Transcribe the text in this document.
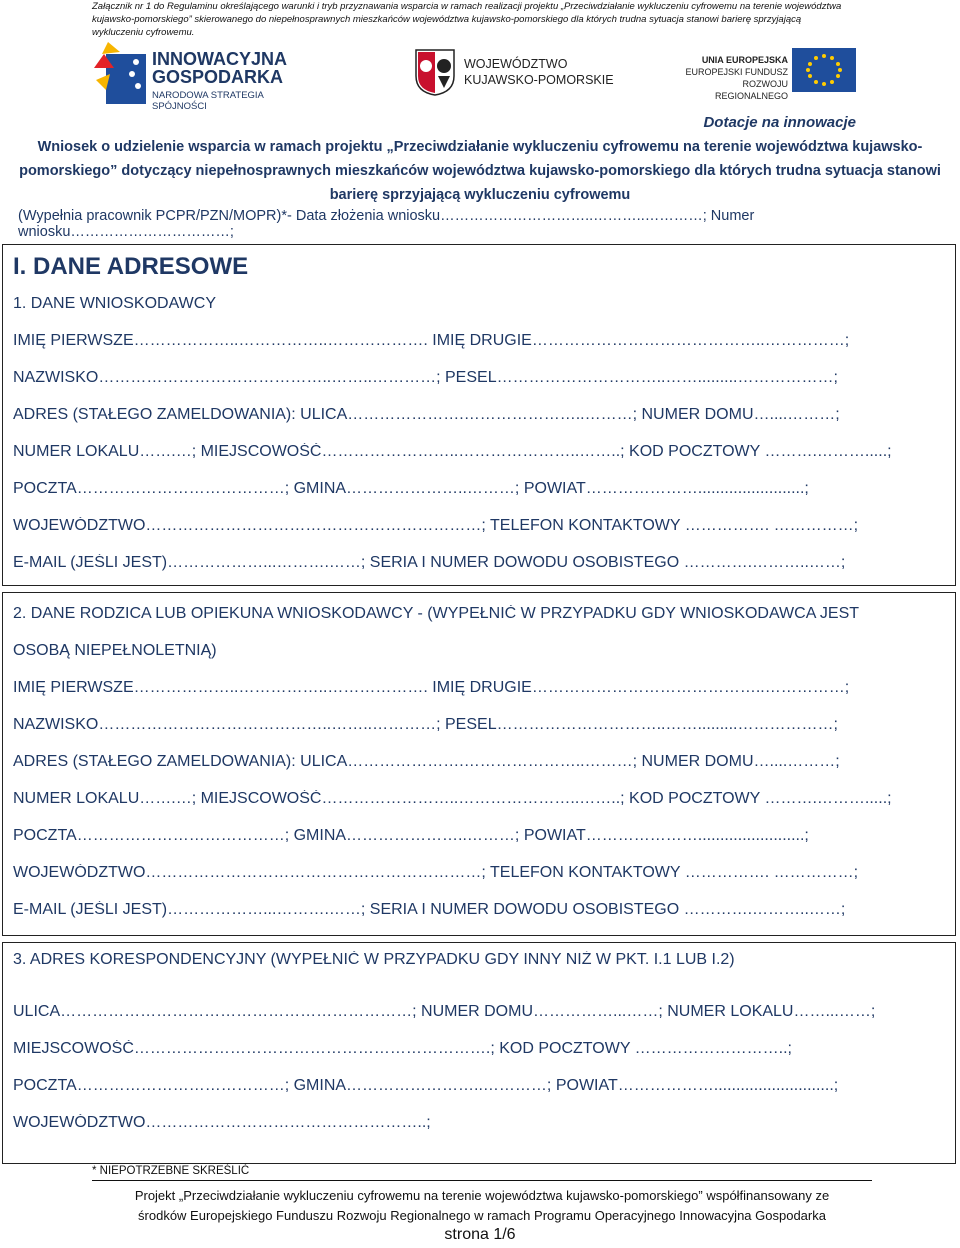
Załącznik nr 1 do Regulaminu określającego warunki i tryb przyznawania wsparcia w ramach realizacji projektu „Przeciwdziałanie wykluczeniu cyfrowemu na terenie województwa kujawsko-pomorskiego” skierowanego do niepełnosprawnych mieszkańców województwa kujawsko-pomorskiego dla których trudna sytuacja stanowi barierę sprzyjającą wykluczeniu cyfrowemu.
INNOWACYJNA
GOSPODARKA
NARODOWA STRATEGIA SPÓJNOŚCI
WOJEWÓDZTWO
KUJAWSKO-POMORSKIE
UNIA EUROPEJSKA
EUROPEJSKI FUNDUSZ
ROZWOJU REGIONALNEGO
Dotacje na innowacje
Wniosek o udzielenie wsparcia w ramach projektu „Przeciwdziałanie wykluczeniu cyfrowemu na terenie województwa kujawsko-
pomorskiego” dotyczący niepełnosprawnych mieszkańców województwa kujawsko-pomorskiego dla których trudna sytuacja stanowi
barierę sprzyjającą wykluczeniu cyfrowemu
(Wypełnia pracownik PCPR/PZN/MOPR)*- Data złożenia wniosku…………………………..………..…………; Numer wniosku……………………………;
I. DANE ADRESOWE
1. DANE WNIOSKODAWCY
IMIĘ PIERWSZE………………..……………..………………. IMIĘ DRUGIE……………………………………..……………;
NAZWISKO……………………………………..……..…………; PESEL…………………………..…….........………………;
ADRES (STAŁEGO ZAMELDOWANIA): ULICA………………….…………………..………; NUMER DOMU…....………;
NUMER LOKALU…….…; MIEJSCOWOŚĆ……………………..…………………..……..; KOD POCZTOWY ……….……….....;
POCZTA…………………………………; GMINA…………………..………; POWIAT…………………........................;
WOJEWÓDZTWO………………………………………………………; TELEFON KONTAKTOWY ……………. ……………;
E-MAIL (JEŚLI JEST)………………...……….……; SERIA I NUMER DOWODU OSOBISTEGO ………….………..……;
2. DANE RODZICA LUB OPIEKUNA WNIOSKODAWCY - (WYPEŁNIĆ W PRZYPADKU GDY WNIOSKODAWCA JEST
OSOBĄ NIEPEŁNOLETNIĄ)
IMIĘ PIERWSZE………………..……………..………………. IMIĘ DRUGIE……………………………………..……………;
NAZWISKO……………………………………..……..…………; PESEL…………………………..…….........………………;
ADRES (STAŁEGO ZAMELDOWANIA): ULICA………………….…………………..………; NUMER DOMU…....………;
NUMER LOKALU…….…; MIEJSCOWOŚĆ……………………..…………………..……..; KOD POCZTOWY ……….……….....;
POCZTA…………………………………; GMINA…………………..………; POWIAT…………………........................;
WOJEWÓDZTWO………………………………………………………; TELEFON KONTAKTOWY ……………. ……………;
E-MAIL (JEŚLI JEST)………………...……….……; SERIA I NUMER DOWODU OSOBISTEGO ………….………..……;
3. ADRES KORESPONDENCYJNY (WYPEŁNIĆ W PRZYPADKU GDY INNY NIŻ W PKT. I.1 LUB I.2)
ULICA…………………………………………………………; NUMER DOMU……………...……; NUMER LOKALU……...……;
MIEJSCOWOŚĆ………………………………………………………….; KOD POCZTOWY ………………………..;
POCZTA…………………………………; GMINA……………………..…………; POWIAT………………...........................;
WOJEWÓDZTWO……………………………………………..;
* NIEPOTRZEBNE SKREŚLIĆ
Projekt „Przeciwdziałanie wykluczeniu cyfrowemu na terenie województwa kujawsko-pomorskiego” współfinansowany ze
środków Europejskiego Funduszu Rozwoju Regionalnego w ramach Programu Operacyjnego Innowacyjna Gospodarka
strona 1/6
